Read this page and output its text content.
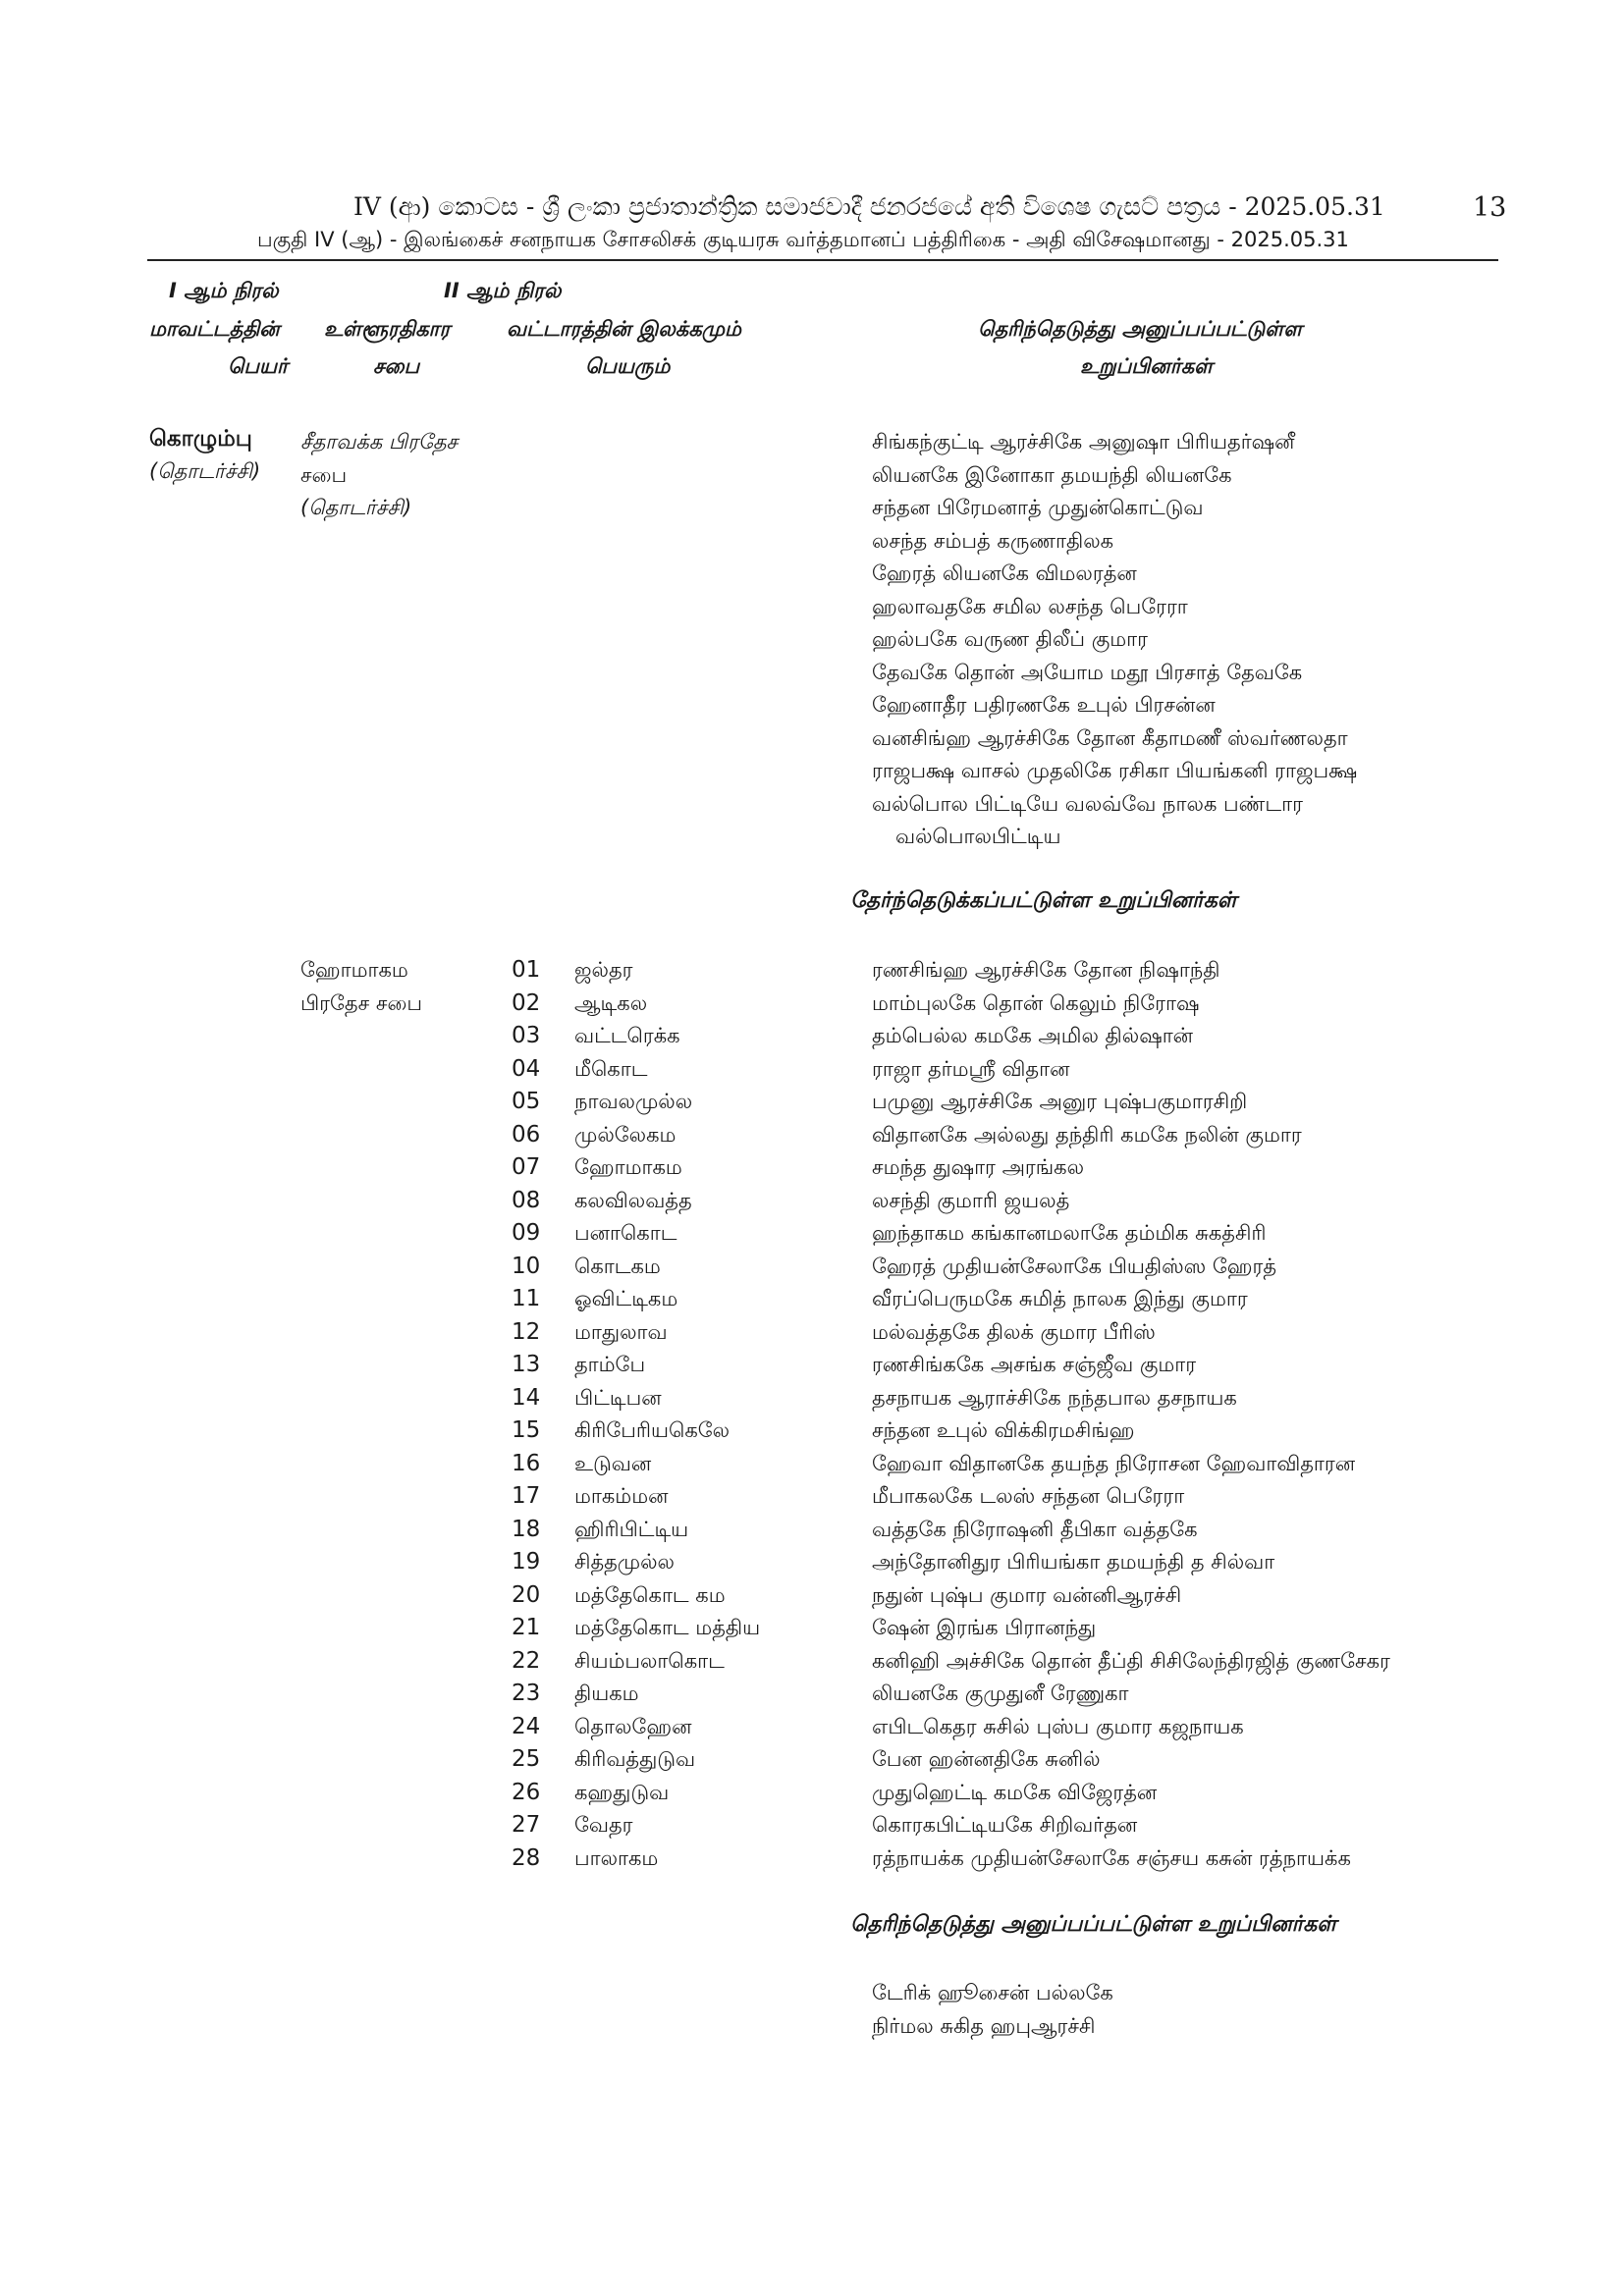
IV (ආ) කොටස - ශ්‍රී ලංකා ප්‍රජාතාන්ත්‍රික සමාජවාදී ජනරජයේ අති විශෙෂ ගැසට් පත්‍රය - 2025.05.31	13
பகுதி IV (ஆ) - இலங்கைச் சனநாயக சோசலிசக் குடியரசு வர்த்தமானப் பத்திரிகை - அதி விசேஷமானது - 2025.05.31
I ஆம் நிரல்	II ஆம் நிரல்
மாவட்டத்தின்
பெயர்
உள்ளூரதிகார
சபை
வட்டாரத்தின் இலக்கமும்
பெயரும்
தெரிந்தெடுத்து அனுப்பப்பட்டுள்ள
உறுப்பினர்கள்
கொழும்பு
(தொடர்ச்சி)
சீதாவக்க பிரதேச
சபை
(தொடர்ச்சி)
சிங்கந்குட்டி ஆரச்சிகே அனுஷா பிரியதர்ஷனீ
லியனகே இனோகா தமயந்தி லியனகே
சந்தன பிரேமனாத் முதுன்கொட்டுவ
லசந்த சம்பத் கருணாதிலக
ஹேரத் லியனகே விமலரத்ன
ஹலாவதகே சமில லசந்த பெரேரா
ஹல்பகே வருண திலீப் குமார
தேவகே தொன் அயோம மதூ பிரசாத் தேவகே
ஹேனாதீர பதிரணகே உபுல் பிரசன்ன
வனசிங்ஹ ஆரச்சிகே தோன கீதாமணீ ஸ்வர்ணலதா
ராஜபக்ஷ வாசல் முதலிகே ரசிகா பியங்கனி ராஜபக்ஷ
வல்பொல பிட்டியே வலவ்வே நாலக பண்டார
வல்பொலபிட்டிய
தேர்ந்தெடுக்கப்பட்டுள்ள உறுப்பினர்கள்
ஹோமாகம
பிரதேச சபை
01
02
03
04
05
06
07
08
09
10
11
12
13
14
15
16
17
18
19
20
21
22
23
24
25
26
27
28
ஜல்தர
ஆடிகல
வட்டரெக்க
மீகொட
நாவலமுல்ல
முல்லேகம
ஹோமாகம
கலவிலவத்த
பனாகொட
கொடகம
ஓவிட்டிகம
மாதுலாவ
தாம்பே
பிட்டிபன
கிரிபேரியகெலே
உடுவன
மாகம்மன
ஹிரிபிட்டிய
சித்தமுல்ல
மத்தேகொட கம
மத்தேகொட மத்திய
சியம்பலாகொட
தியகம
தொலஹேன
கிரிவத்துடுவ
கஹதுடுவ
வேதர
பாலாகம
ரணசிங்ஹ ஆரச்சிகே தோன நிஷாந்தி
மாம்புலகே தொன் கெலும் நிரோஷ
தம்பெல்ல கமகே அமில தில்ஷான்
ராஜா தர்மஶ்ரீ விதான
பமுனு ஆரச்சிகே அனுர புஷ்பகுமாரசிறி
விதானகே அல்லது தந்திரி கமகே நலின் குமார
சமந்த துஷார அரங்கல
லசந்தி குமாரி ஜயலத்
ஹந்தாகம கங்கானமலாகே தம்மிக சுகத்சிரி
ஹேரத் முதியன்சேலாகே பியதிஸ்ஸ ஹேரத்
வீரப்பெருமகே சுமித் நாலக இந்து குமார
மல்வத்தகே திலக் குமார பீரிஸ்
ரணசிங்ககே அசங்க சஞ்ஜீவ குமார
தசநாயக ஆராச்சிகே நந்தபால தசநாயக
சந்தன உபுல் விக்கிரமசிங்ஹ
ஹேவா விதானகே தயந்த நிரோசன ஹேவாவிதாரன
மீபாகலகே டலஸ் சந்தன பெரேரா
வத்தகே நிரோஷனி தீபிகா வத்தகே
அந்தோனிதுர பிரியங்கா தமயந்தி த சில்வா
நதுன் புஷ்ப குமார வன்னிஆரச்சி
ஷேன் இரங்க பிரானந்து
கனிஹி அச்சிகே தொன் தீப்தி சிசிலேந்திரஜித் குணசேகர
லியனகே குமுதுனீ ரேணுகா
எபிடகெதர சுசில் புஸ்ப குமார கஜநாயக
பேன ஹன்னதிகே சுனில்
முதுஹெட்டி கமகே விஜேரத்ன
கொரகபிட்டியகே சிறிவர்தன
ரத்நாயக்க முதியன்சேலாகே சஞ்சய கசுன் ரத்நாயக்க
தெரிந்தெடுத்து அனுப்பப்பட்டுள்ள உறுப்பினர்கள்
டேரிக் ஹூசைன் பல்லகே
நிர்மல சுகித ஹபுஆரச்சி
